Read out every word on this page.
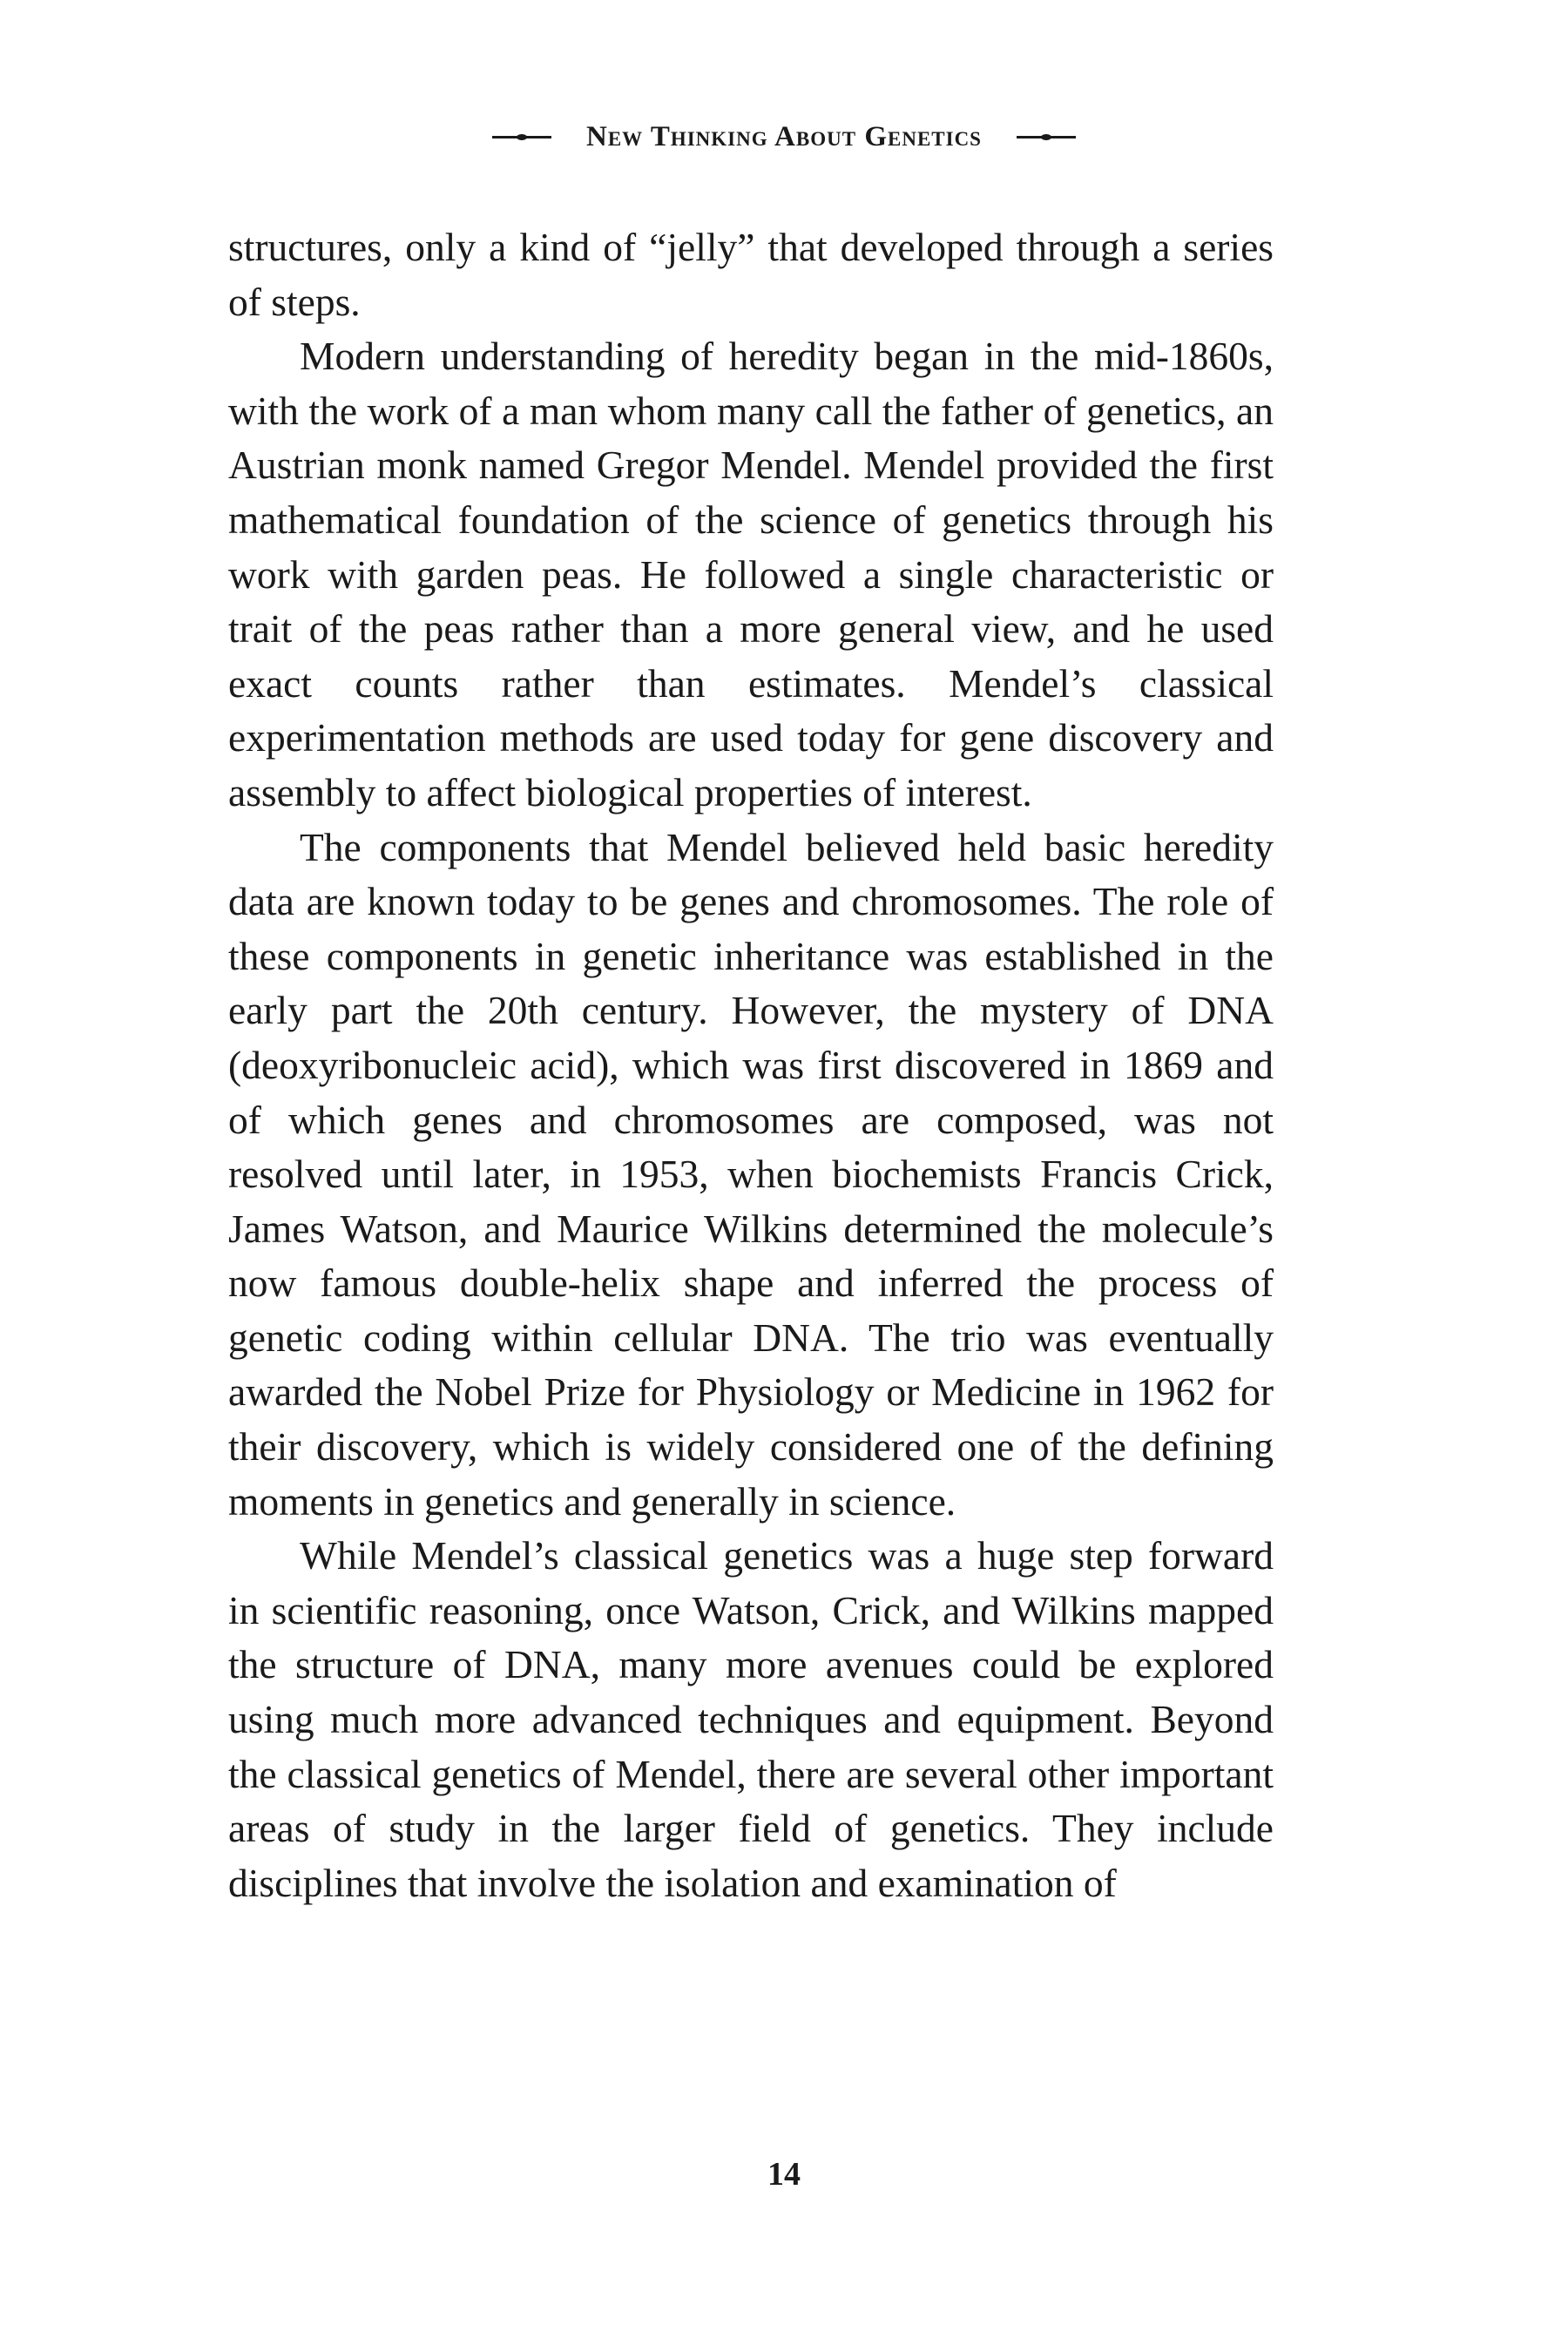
New Thinking About Genetics

structures, only a kind of “jelly” that developed through a series of steps.

Modern understanding of heredity began in the mid-1860s, with the work of a man whom many call the father of genetics, an Austrian monk named Gregor Mendel. Mendel provided the first mathematical foundation of the science of genetics through his work with garden peas. He followed a single characteristic or trait of the peas rather than a more general view, and he used exact counts rather than estimates. Mendel’s classical experimentation methods are used today for gene discovery and assembly to affect biological properties of interest.

The components that Mendel believed held basic heredity data are known today to be genes and chromosomes. The role of these components in genetic inheritance was established in the early part the 20th century. However, the mystery of DNA (deoxyribonucleic acid), which was first discovered in 1869 and of which genes and chromosomes are composed, was not resolved until later, in 1953, when biochemists Francis Crick, James Watson, and Maurice Wilkins determined the molecule’s now famous double-helix shape and inferred the process of genetic coding within cellular DNA. The trio was eventually awarded the Nobel Prize for Physiology or Medicine in 1962 for their discovery, which is widely considered one of the defining moments in genetics and generally in science.

While Mendel’s classical genetics was a huge step forward in scientific reasoning, once Watson, Crick, and Wilkins mapped the structure of DNA, many more avenues could be explored using much more advanced techniques and equipment. Beyond the classical genetics of Mendel, there are several other important areas of study in the larger field of genetics. They include disciplines that involve the isolation and examination of

14
